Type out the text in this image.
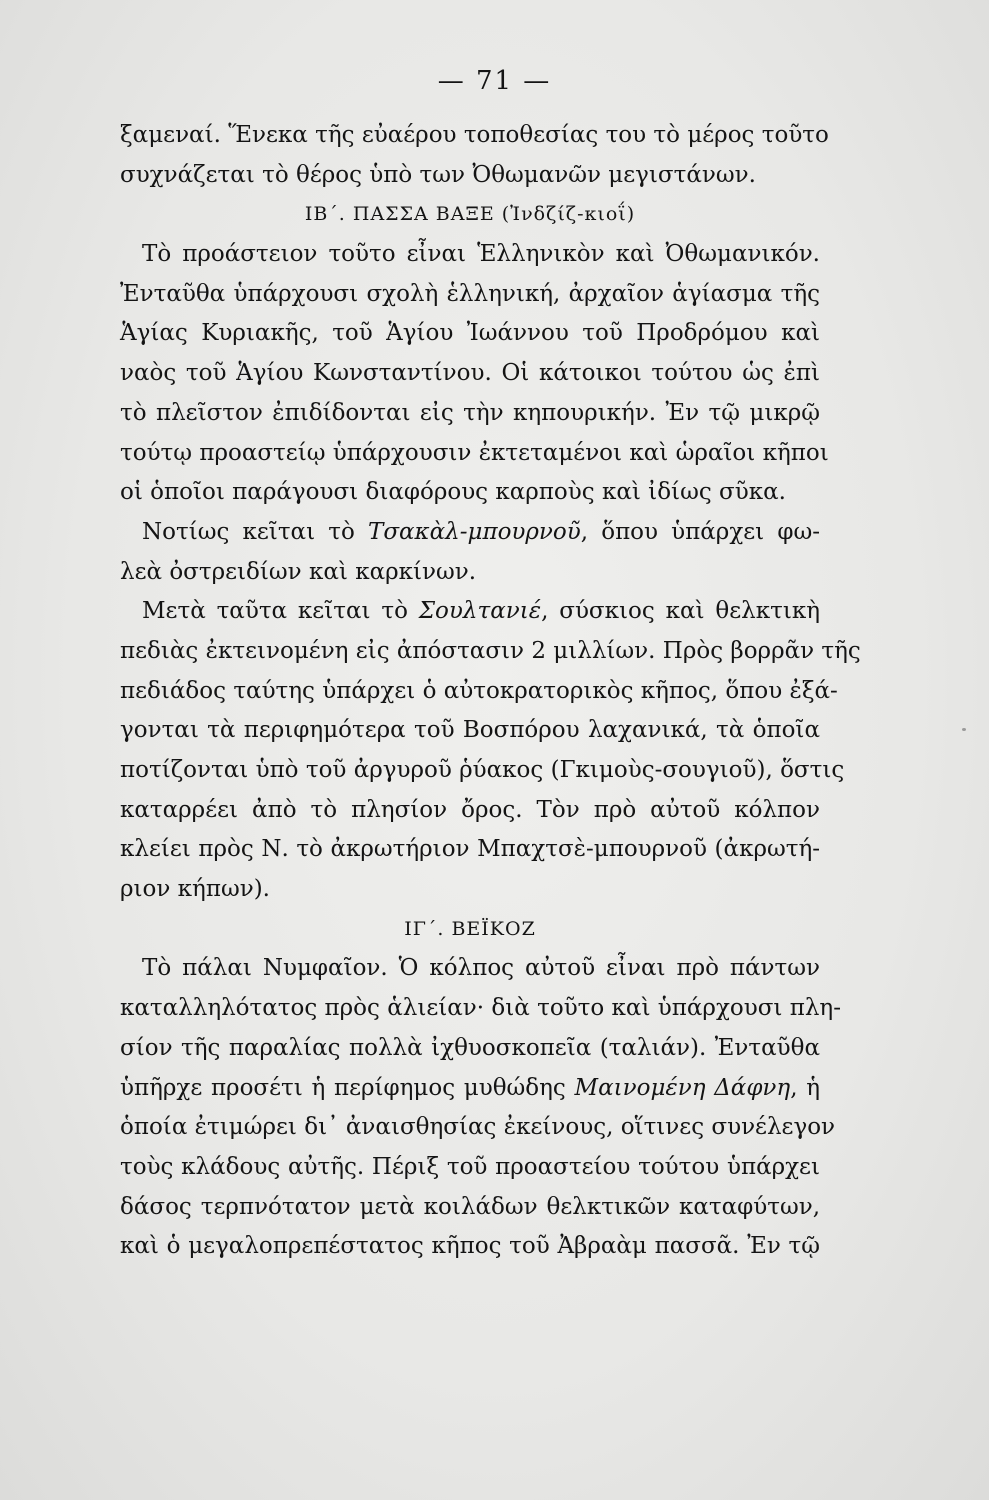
— 71 —
ξαμεναί. Ἕνεκα τῆς εὐαέρου τοποθεσίας του τὸ μέρος τοῦτο
συχνάζεται τὸ θέρος ὑπὸ των Ὀθωμανῶν μεγιστάνων.
ΙΒ΄. ΠΑΣΣΑ ΒΑΞΕ (Ἰνδζίζ-κιοΐ)
Τὸ προάστειον τοῦτο εἶναι Ἑλληνικὸν καὶ Ὀθωμανικόν.
Ἐνταῦθα ὑπάρχουσι σχολὴ ἑλληνική, ἀρχαῖον ἁγίασμα τῆς
Ἁγίας Κυριακῆς, τοῦ Ἁγίου Ἰωάννου τοῦ Προδρόμου καὶ
ναὸς τοῦ Ἁγίου Κωνσταντίνου. Οἱ κάτοικοι τούτου ὡς ἐπὶ
τὸ πλεῖστον ἐπιδίδονται εἰς τὴν κηπουρικήν. Ἐν τῷ μικρῷ
τούτῳ προαστείῳ ὑπάρχουσιν ἐκτεταμένοι καὶ ὡραῖοι κῆποι
οἱ ὁποῖοι παράγουσι διαφόρους καρποὺς καὶ ἰδίως σῦκα.
Νοτίως κεῖται τὸ Τσακὰλ-μπουρνοῦ, ὅπου ὑπάρχει φω-
λεὰ ὀστρειδίων καὶ καρκίνων.
Μετὰ ταῦτα κεῖται τὸ Σουλτανιέ, σύσκιος καὶ θελκτικὴ
πεδιὰς ἐκτεινομένη εἰς ἀπόστασιν 2 μιλλίων. Πρὸς βορρᾶν τῆς
πεδιάδος ταύτης ὑπάρχει ὁ αὐτοκρατορικὸς κῆπος, ὅπου ἐξά-
γονται τὰ περιφημότερα τοῦ Βοσπόρου λαχανικά, τὰ ὁποῖα
ποτίζονται ὑπὸ τοῦ ἀργυροῦ ῥύακος (Γκιμοὺς-σουγιοῦ), ὅστις
καταρρέει ἀπὸ τὸ πλησίον ὄρος. Τὸν πρὸ αὐτοῦ κόλπον
κλείει πρὸς Ν. τὸ ἀκρωτήριον Μπαχτσὲ-μπουρνοῦ (ἀκρωτή-
ριον κήπων).
ΙΓ΄. ΒΕΪΚΟΖ
Τὸ πάλαι Νυμφαῖον. Ὁ κόλπος αὐτοῦ εἶναι πρὸ πάντων
καταλληλότατος πρὸς ἁλιείαν· διὰ τοῦτο καὶ ὑπάρχουσι πλη-
σίον τῆς παραλίας πολλὰ ἰχθυοσκοπεῖα (ταλιάν). Ἐνταῦθα
ὑπῆρχε προσέτι ἡ περίφημος μυθώδης Μαινομένη Δάφνη, ἡ
ὁποία ἐτιμώρει δι᾽ ἀναισθησίας ἐκείνους, οἵτινες συνέλεγον
τοὺς κλάδους αὐτῆς. Πέριξ τοῦ προαστείου τούτου ὑπάρχει
δάσος τερπνότατον μετὰ κοιλάδων θελκτικῶν καταφύτων,
καὶ ὁ μεγαλοπρεπέστατος κῆπος τοῦ Ἀβραὰμ πασσᾶ. Ἐν τῷ
